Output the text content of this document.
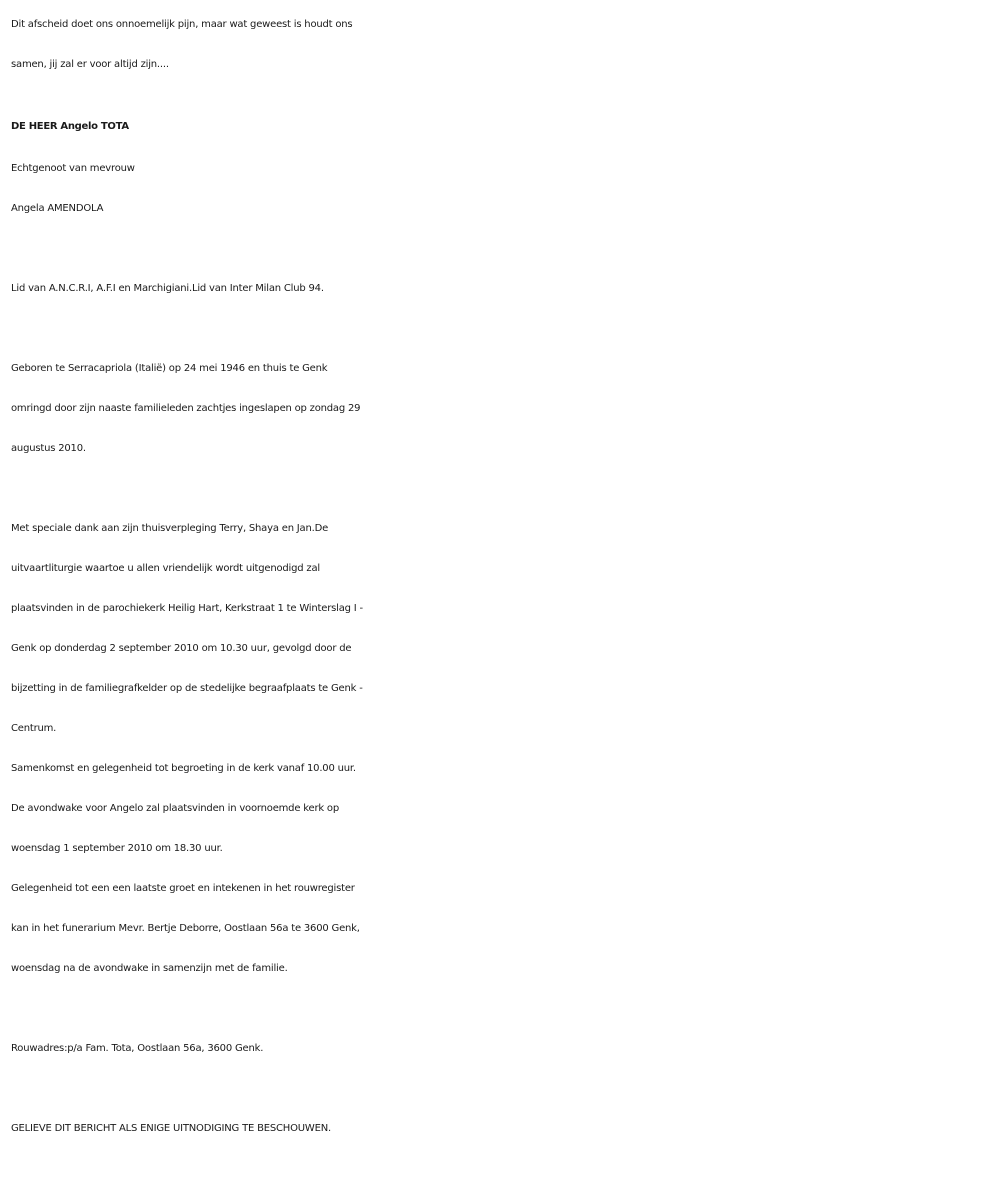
Dit afscheid doet ons onnoemelijk pijn, maar wat geweest is houdt ons
samen, jij zal er voor altijd zijn....
DE HEER Angelo TOTA
Echtgenoot van mevrouw
Angela AMENDOLA
Lid van A.N.C.R.I, A.F.I en Marchigiani.Lid van Inter Milan Club 94.
Geboren te Serracapriola (Italië) op 24 mei 1946 en thuis te Genk
omringd door zijn naaste familieleden zachtjes ingeslapen op zondag 29
augustus 2010.
Met speciale dank aan zijn thuisverpleging Terry, Shaya en Jan.De
uitvaartliturgie waartoe u allen vriendelijk wordt uitgenodigd zal
plaatsvinden in de parochiekerk Heilig Hart, Kerkstraat 1 te Winterslag I -
Genk op donderdag 2 september 2010 om 10.30 uur, gevolgd door de
bijzetting in de familiegrafkelder op de stedelijke begraafplaats te Genk -
Centrum.
Samenkomst en gelegenheid tot begroeting in de kerk vanaf 10.00 uur.
De avondwake voor Angelo zal plaatsvinden in voornoemde kerk op
woensdag 1 september 2010 om 18.30 uur.
Gelegenheid tot een een laatste groet en intekenen in het rouwregister
kan in het funerarium Mevr. Bertje Deborre, Oostlaan 56a te 3600 Genk,
woensdag na de avondwake in samenzijn met de familie.
Rouwadres:p/a Fam. Tota, Oostlaan 56a, 3600 Genk.
GELIEVE DIT BERICHT ALS ENIGE UITNODIGING TE BESCHOUWEN.
